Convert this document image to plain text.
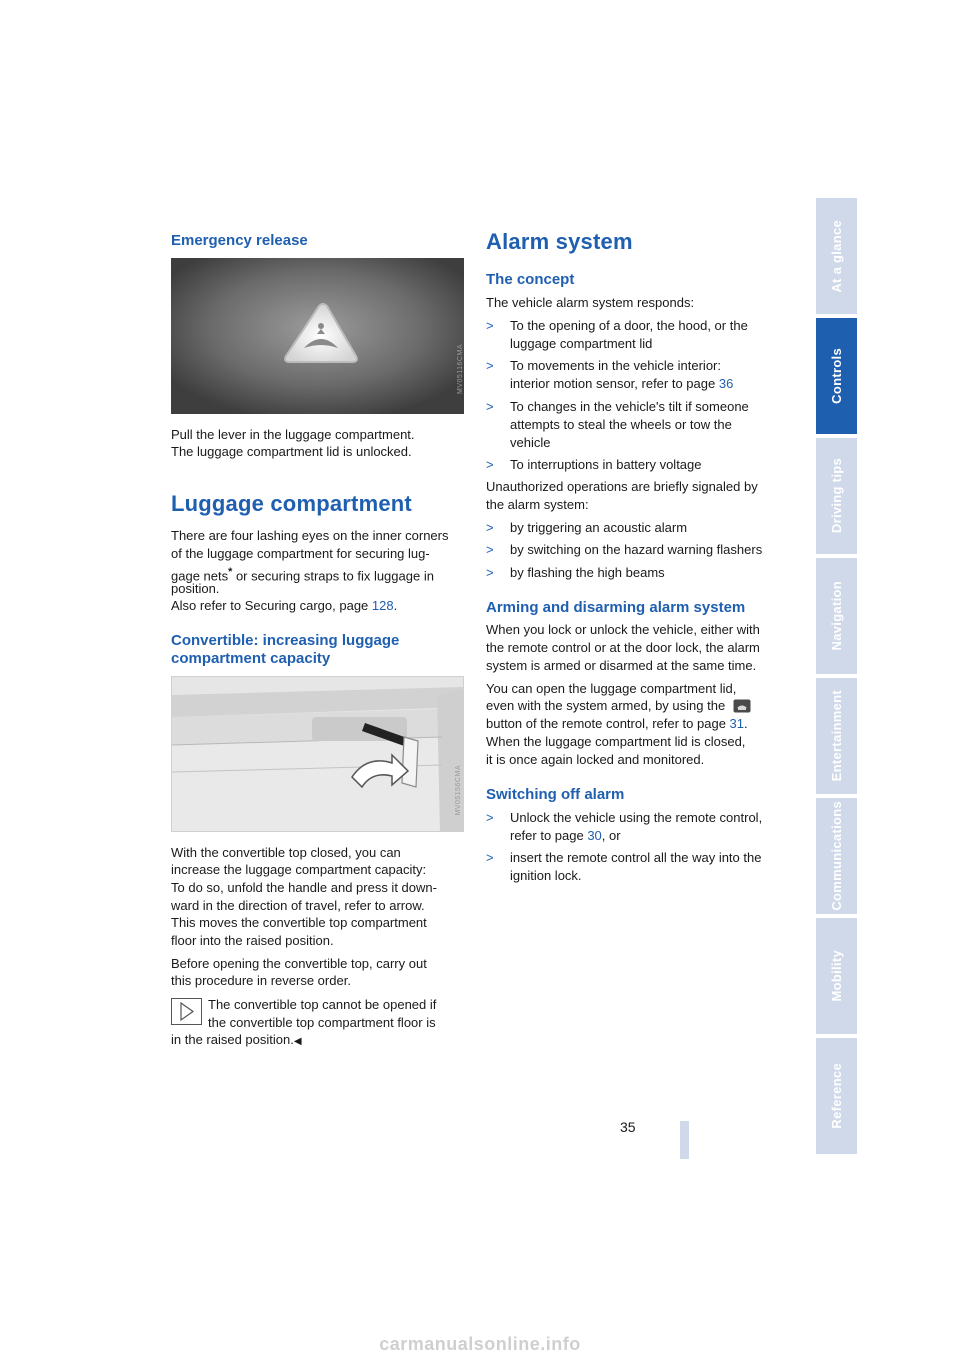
Emergency release
MV05116CMA

Pull the lever in the luggage compartment.

The luggage compartment lid is unlocked.

Luggage compartment

There are four lashing eyes on the inner corners

of the luggage compartment for securing lug-

gage nets* or securing straps to fix luggage in

position.

Also refer to Securing cargo, page 128.

Convertible: increasing luggage
compartment capacity
MV05156CMA

With the convertible top closed, you can

increase the luggage compartment capacity:

To do so, unfold the handle and press it down-

ward in the direction of travel, refer to arrow.

This moves the convertible top compartment

floor into the raised position.

Before opening the convertible top, carry out

this procedure in reverse order.

The convertible top cannot be opened if

the convertible top compartment floor is

in the raised position.◀

Alarm system
The concept

The vehicle alarm system responds:

>	To the opening of a door, the hood, or the
luggage compartment lid
>	To movements in the vehicle interior:
interior motion sensor, refer to page 36
>	To changes in the vehicle's tilt if someone
attempts to steal the wheels or tow the
vehicle
>	To interruptions in battery voltage

Unauthorized operations are briefly signaled by

the alarm system:

>	by triggering an acoustic alarm
>	by switching on the hazard warning flashers
>	by flashing the high beams
Arming and disarming alarm system

When you lock or unlock the vehicle, either with

the remote control or at the door lock, the alarm

system is armed or disarmed at the same time.

You can open the luggage compartment lid,

even with the system armed, by using the

button of the remote control, refer to page 31.

When the luggage compartment lid is closed,

it is once again locked and monitored.

Switching off alarm
>	Unlock the vehicle using the remote control,
refer to page 30, or
>	insert the remote control all the way into the
ignition lock.
35
At a glance
Controls
Driving tips
Navigation
Entertainment
Communications
Mobility
Reference
carmanualsonline.info
